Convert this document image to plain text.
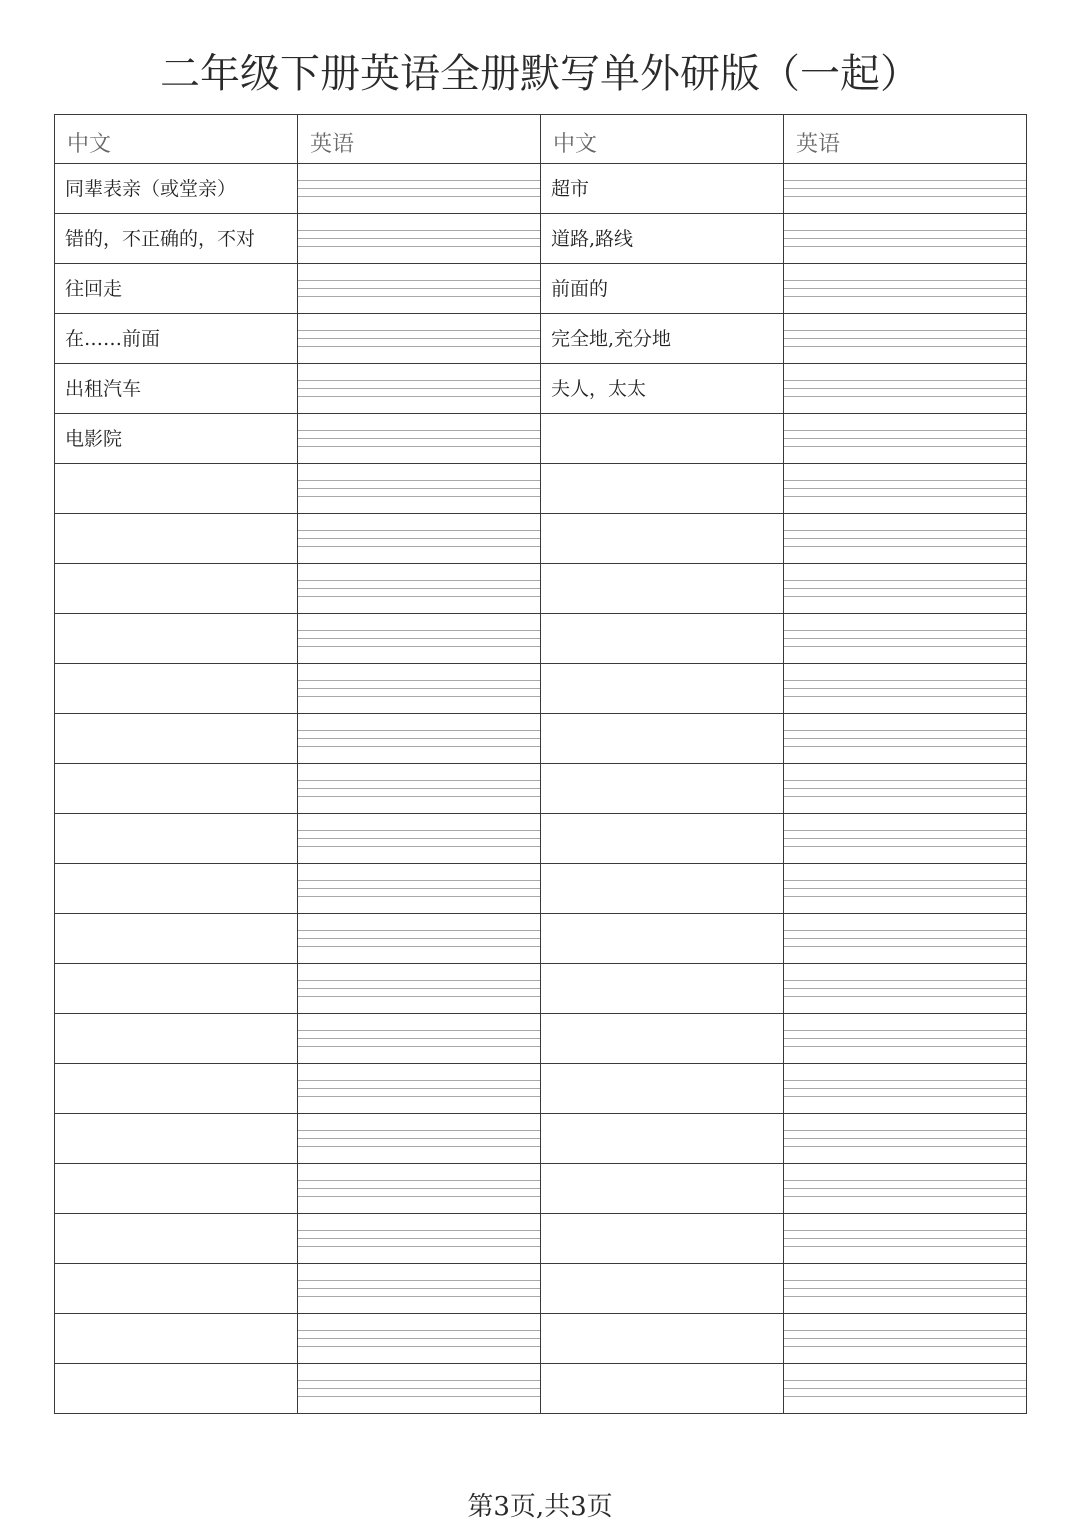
二年级下册英语全册默写单外研版（一起）
中文	英语	中文	英语

同辈表亲（或堂亲）		超市	

错的，不正确的，不对		道路,路线	

往回走		前面的	

在……前面		完全地,充分地	

出租汽车		夫人，太太	

电影院			

第3页,共3页
